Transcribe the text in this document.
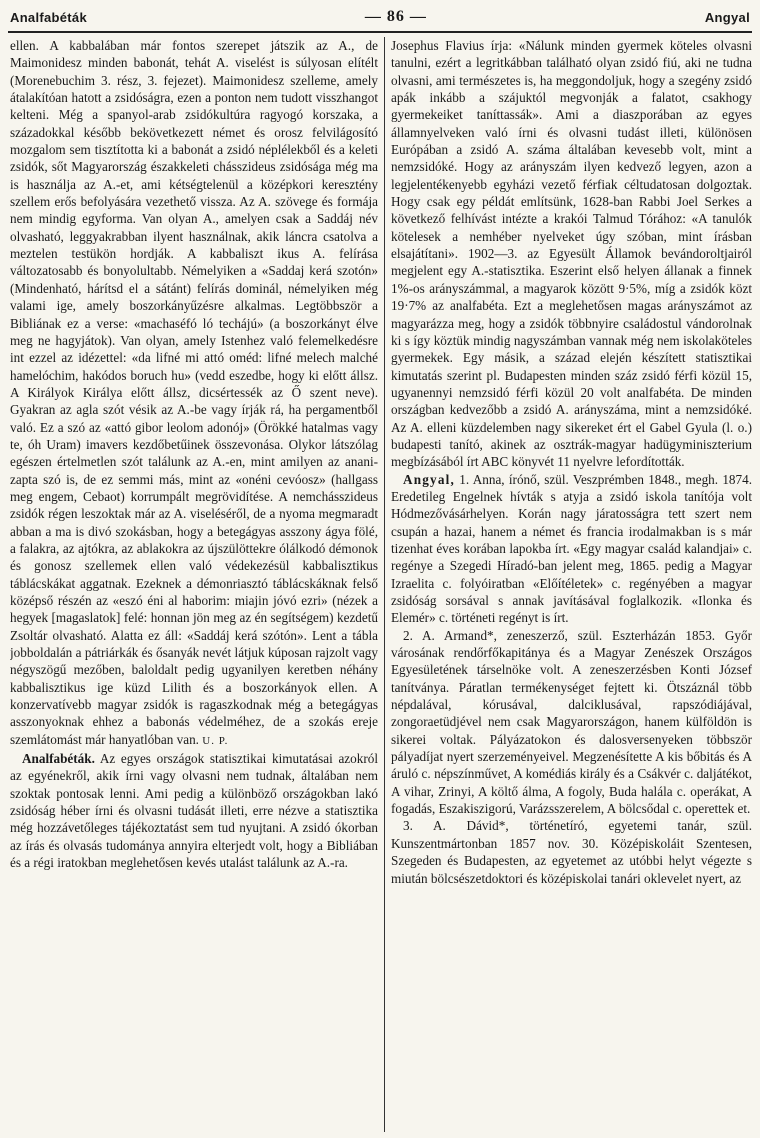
Analfabéták	— 86 —	Angyal

ellen. A kabbalában már fontos szerepet játszik az A., de Maimonidesz minden babonát, tehát A. viselést is súlyosan elítélt (Morenebuchim 3. rész, 3. fejezet). Maimonidesz szelleme, amely átalakítóan hatott a zsidóságra, ezen a ponton nem tudott visszhangot kelteni. Még a spanyol-arab zsidókultúra ragyogó korszaka, a századokkal később bekövetkezett német és orosz felvilágosító mozgalom sem tisztította ki a babonát a zsidó néplélekből és a keleti zsidók, sőt Magyarország északkeleti chásszideus zsidósága még ma is használja az A.-et, ami kétségtelenül a középkori keresztény szellem erős befolyására vezethető vissza. Az A. szövege és formája nem mindig egyforma. Van olyan A., amelyen csak a Saddáj név olvasható, leggyakrabban ilyent használnak, akik láncra csatolva a meztelen testükön hordják. A kabbaliszt ikus A. felírása változatosabb és bonyolultabb. Némelyiken a «Saddaj kerá szotón» (Mindenható, hárítsd el a sátánt) felírás dominál, némelyiken még valami ige, amely boszorkányűzésre alkalmas. Legtöbbször a Bibliának ez a verse: «machaséfó ló techájú» (a boszorkányt élve meg ne hagyjátok). Van olyan, amely Istenhez való felemelkedésre int ezzel az idézettel: «da lifné mi attó oméd: lifné melech malché hamelóchim, hakódos boruch hu» (vedd eszedbe, hogy ki előtt állsz. A Királyok Királya előtt állsz, dicsértessék az Ő szent neve). Gyakran az agla szót vésik az A.-be vagy írják rá, ha pergamentből való. Ez a szó az «attó gibor leolom adonój» (Örökké hatalmas vagy te, óh Uram) imavers kezdőbetűinek összevonása. Olykor látszólag egészen értelmetlen szót találunk az A.-en, mint amilyen az anani-zapta szó is, de ez semmi más, mint az «onéni cevóosz» (hallgass meg engem, Cebaot) korrumpált megrövidítése. A nemchásszideus zsidók régen leszoktak már az A. viseléséről, de a nyoma megmaradt abban a ma is divó szokásban, hogy a betegágyas asszony ágya fölé, a falakra, az ajtókra, az ablakokra az újszülöttekre ólálkodó démonok és gonosz szellemek ellen való védekezésül kabbalisztikus táblácskákat aggatnak. Ezeknek a démonriasztó táblácskáknak felső középső részén az «eszó éni al haborim: miajin jóvó ezri» (nézek a hegyek [magaslatok] felé: honnan jön meg az én segítségem) kezdetű Zsoltár olvasható. Alatta ez áll: «Saddáj kerá szótón». Lent a tábla jobboldalán a pátriárkák és ősanyák nevét látjuk kúposan rajzolt vagy négyszögű mezőben, baloldalt pedig ugyanilyen keretben néhány kabbalisztikus ige küzd Lilith és a boszorkányok ellen. A konzervatívebb magyar zsidók is ragaszkodnak még a betegágyas asszonyoknak ehhez a babonás védelméhez, de a szokás ereje szemlátomást már hanyatlóban van. U. P.

Analfabéták. Az egyes országok statisztikai kimutatásai azokról az egyénekről, akik írni vagy olvasni nem tudnak, általában nem szoktak pontosak lenni. Ami pedig a különböző országokban lakó zsidóság héber írni és olvasni tudását illeti, erre nézve a statisztika még hozzávetőleges tájékoztatást sem tud nyujtani. A zsidó ókorban az írás és olvasás tudománya annyira elterjedt volt, hogy a Bibliában és a régi iratokban meglehetősen kevés utalást találunk az A.-ra.

Josephus Flavius írja: «Nálunk minden gyermek köteles olvasni tanulni, ezért a legritkábban található olyan zsidó fiú, aki ne tudna olvasni, ami természetes is, ha meggondoljuk, hogy a szegény zsidó apák inkább a szájuktól megvonják a falatot, csakhogy gyermekeiket taníttassák». Ami a diaszporában az egyes államnyelveken való írni és olvasni tudást illeti, különösen Európában a zsidó A. száma általában kevesebb volt, mint a nemzsidóké. Hogy az arányszám ilyen kedvező legyen, azon a legjelentékenyebb egyházi vezető férfiak céltudatosan dolgoztak. Hogy csak egy példát említsünk, 1628-ban Rabbi Joel Serkes a következő felhívást intézte a krakói Talmud Tórához: «A tanulók kötelesek a nemhéber nyelveket úgy szóban, mint írásban elsajátítani». 1902—3. az Egyesült Államok bevándoroltjairól megjelent egy A.-statisztika. Eszerint első helyen állanak a finnek 1%-os arányszámmal, a magyarok között 9·5%, míg a zsidók közt 19·7% az analfabéta. Ezt a meglehetősen magas arányszámot az magyarázza meg, hogy a zsidók többnyire családostul vándorolnak ki s így köztük mindig nagyszámban vannak még nem iskolaköteles gyermekek. Egy másik, a század elején készített statisztikai kimutatás szerint pl. Budapesten minden száz zsidó férfi közül 15, ugyanennyi nemzsidó férfi közül 20 volt analfabéta. De minden országban kedvezőbb a zsidó A. arányszáma, mint a nemzsidóké. Az A. elleni küzdelemben nagy sikereket ért el Gabel Gyula (l. o.) budapesti tanító, akinek az osztrák-magyar hadügyminiszterium megbízásából írt ABC könyvét 11 nyelvre lefordították.

Angyal, 1. Anna, írónő, szül. Veszprémben 1848., megh. 1874. Eredetileg Engelnek hívták s atyja a zsidó iskola tanítója volt Hódmezővásárhelyen. Korán nagy járatosságra tett szert nem csupán a hazai, hanem a német és francia irodalmakban is s már tizenhat éves korában lapokba írt. «Egy magyar család kalandjai» c. regénye a Szegedi Híradó-ban jelent meg, 1865. pedig a Magyar Izraelita c. folyóiratban «Előítéletek» c. regényében a magyar zsidóság sorsával s annak javításával foglalkozik. «Ilonka és Elemér» c. történeti regényt is írt.

2. A. Armand*, zeneszerző, szül. Eszterházán 1853. Győr városának rendőrfőkapitánya és a Magyar Zenészek Országos Egyesületének társelnöke volt. A zeneszerzésben Konti József tanítványa. Páratlan termékenységet fejtett ki. Ötszáznál több népdalával, kórusával, dalciklusával, rapszódiájával, zongoraetüdjével nem csak Magyarországon, hanem külföldön is sikerei voltak. Pályázatokon és dalosversenyeken többször pályadíjat nyert szerzeményeivel. Megzenésítette A kis bőbitás és A áruló c. népszínművet, A komédiás király és a Csákvér c. daljátékot, A vihar, Zrinyi, A költő álma, A fogoly, Buda halála c. operákat, A fogadás, Eszakiszigorú, Varázsszerelem, A bölcsődal c. operettek et.

3. A. Dávid*, történetíró, egyetemi tanár, szül. Kunszentmártonban 1857 nov. 30. Középiskoláit Szentesen, Szegeden és Budapesten, az egyetemet az utóbbi helyt végezte s miután bölcsészetdoktori és középiskolai tanári oklevelet nyert, az
